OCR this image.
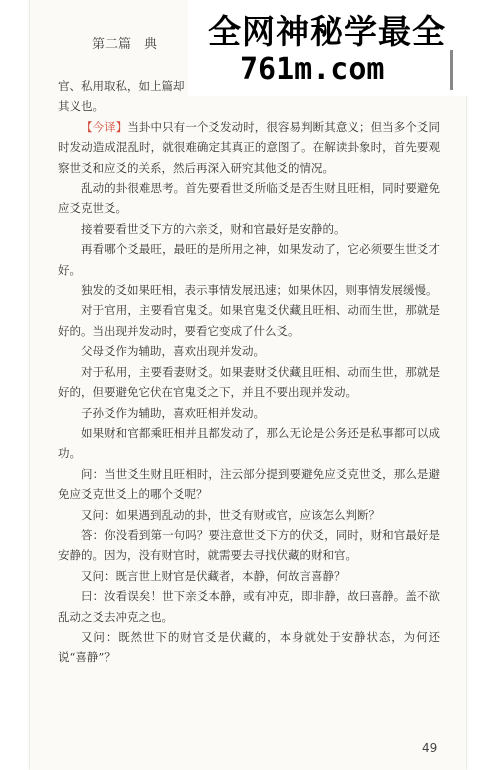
第二篇　典 全网神秘学最全
761m.com

官、私用取私，如上篇却

其义也。

【今译】当卦中只有一个爻发动时，很容易判断其意义；但当多个爻同时发动造成混乱时，就很难确定其真正的意图了。在解读卦象时，首先要观察世爻和应爻的关系，然后再深入研究其他爻的情况。

乱动的卦很难思考。首先要看世爻所临爻是否生财且旺相，同时要避免应爻克世爻。

接着要看世爻下方的六亲爻，财和官最好是安静的。

再看哪个爻最旺，最旺的是所用之神，如果发动了，它必须要生世爻才好。

独发的爻如果旺相，表示事情发展迅速；如果休囚，则事情发展缓慢。

对于官用，主要看官鬼爻。如果官鬼爻伏藏且旺相、动而生世，那就是好的。当出现并发动时，要看它变成了什么爻。

父母爻作为辅助，喜欢出现并发动。

对于私用，主要看妻财爻。如果妻财爻伏藏且旺相、动而生世，那就是好的，但要避免它伏在官鬼爻之下，并且不要出现并发动。

子孙爻作为辅助，喜欢旺相并发动。

如果财和官都乘旺相并且都发动了，那么无论是公务还是私事都可以成功。

问：当世爻生财且旺相时，注云部分提到要避免应爻克世爻，那么是避免应爻克世爻上的哪个爻呢？

又问：如果遇到乱动的卦，世爻有财或官，应该怎么判断？

答：你没看到第一句吗？要注意世爻下方的伏爻，同时，财和官最好是安静的。因为，没有财官时，就需要去寻找伏藏的财和官。

又问：既言世上财官是伏藏者，本静，何故言喜静？

曰：汝看误矣！世下亲爻本静，或有冲克，即非静，故曰喜静。盖不欲乱动之爻去冲克之也。

又问：既然世下的财官爻是伏藏的，本身就处于安静状态，为何还说“喜静”？

49
